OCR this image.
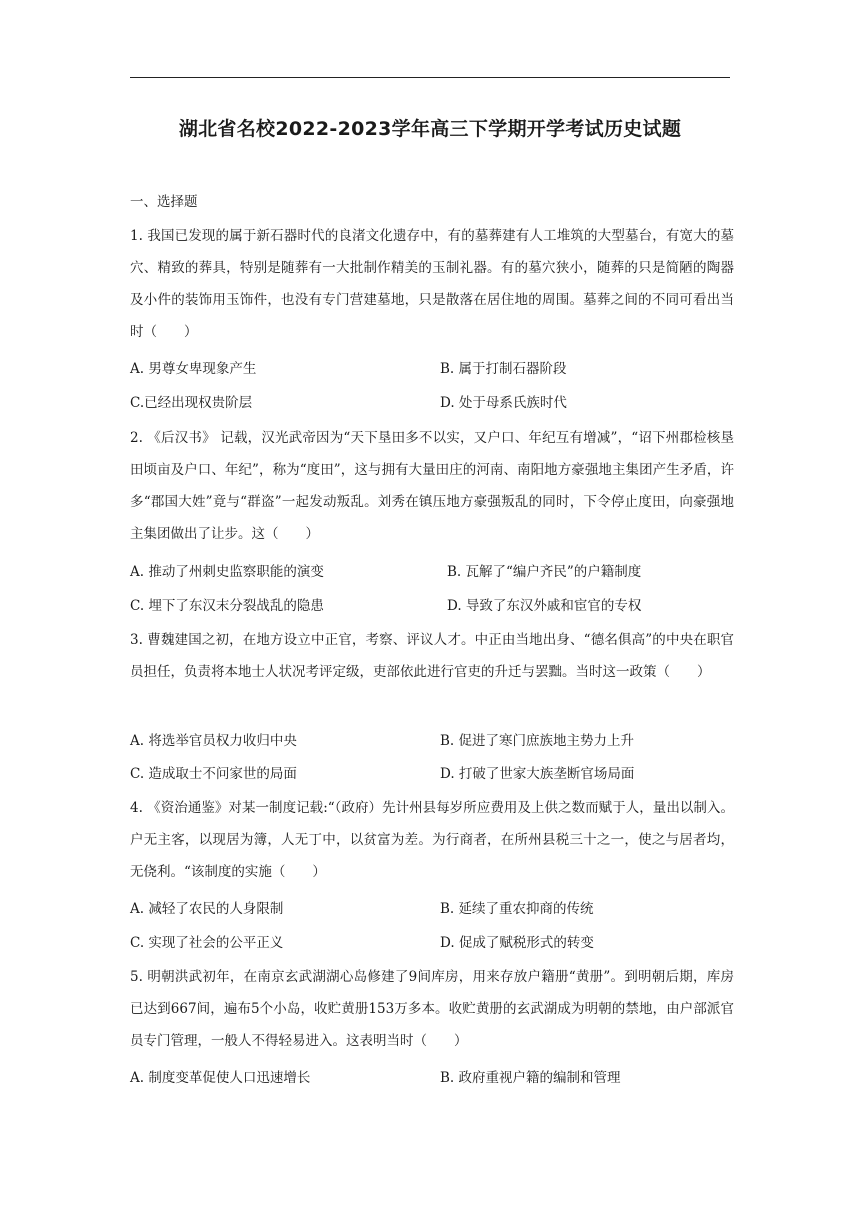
湖北省名校2022-2023学年高三下学期开学考试历史试题
一、选择题
1. 我国已发现的属于新石器时代的良渚文化遗存中，有的墓葬建有人工堆筑的大型墓台，有宽大的墓穴、精致的葬具，特别是随葬有一大批制作精美的玉制礼器。有的墓穴狭小，随葬的只是简陋的陶器及小件的装饰用玉饰件，也没有专门营建墓地，只是散落在居住地的周围。墓葬之间的不同可看出当时（　　）
A. 男尊女卑现象产生	B. 属于打制石器阶段
C.已经出现权贵阶层	D. 处于母系氏族时代
2. 《后汉书》 记载，汉光武帝因为“天下垦田多不以实，又户口、年纪互有增减”，“诏下州郡检核垦田顷亩及户口、年纪”，称为“度田”，这与拥有大量田庄的河南、南阳地方豪强地主集团产生矛盾，许多“郡国大姓”竟与“群盗”一起发动叛乱。刘秀在镇压地方豪强叛乱的同时，下令停止度田，向豪强地主集团做出了让步。这（　　）
A. 推动了州刺史监察职能的演变	B. 瓦解了“编户齐民”的户籍制度
C. 埋下了东汉末分裂战乱的隐患	D. 导致了东汉外戚和宦官的专权
3. 曹魏建国之初，在地方设立中正官，考察、评议人才。中正由当地出身、“德名俱高”的中央在职官员担任，负责将本地士人状况考评定级，吏部依此进行官吏的升迁与罢黜。当时这一政策（　　）
A. 将选举官员权力收归中央	B. 促进了寒门庶族地主势力上升
C. 造成取士不问家世的局面	D. 打破了世家大族垄断官场局面
4. 《资治通鉴》对某一制度记载:“（政府）先计州县每岁所应费用及上供之数而赋于人，量出以制入。户无主客，以现居为簿，人无丁中，以贫富为差。为行商者，在所州县税三十之一，使之与居者均，无侥利。“该制度的实施（　　）
A. 减轻了农民的人身限制	B. 延续了重农抑商的传统
C. 实现了社会的公平正义	D. 促成了赋税形式的转变
5. 明朝洪武初年，在南京玄武湖湖心岛修建了9间库房，用来存放户籍册“黄册”。到明朝后期，库房已达到667间，遍布5个小岛，收贮黄册153万多本。收贮黄册的玄武湖成为明朝的禁地，由户部派官员专门管理，一般人不得轻易进入。这表明当时（　　）
A. 制度变革促使人口迅速增长	B. 政府重视户籍的编制和管理
